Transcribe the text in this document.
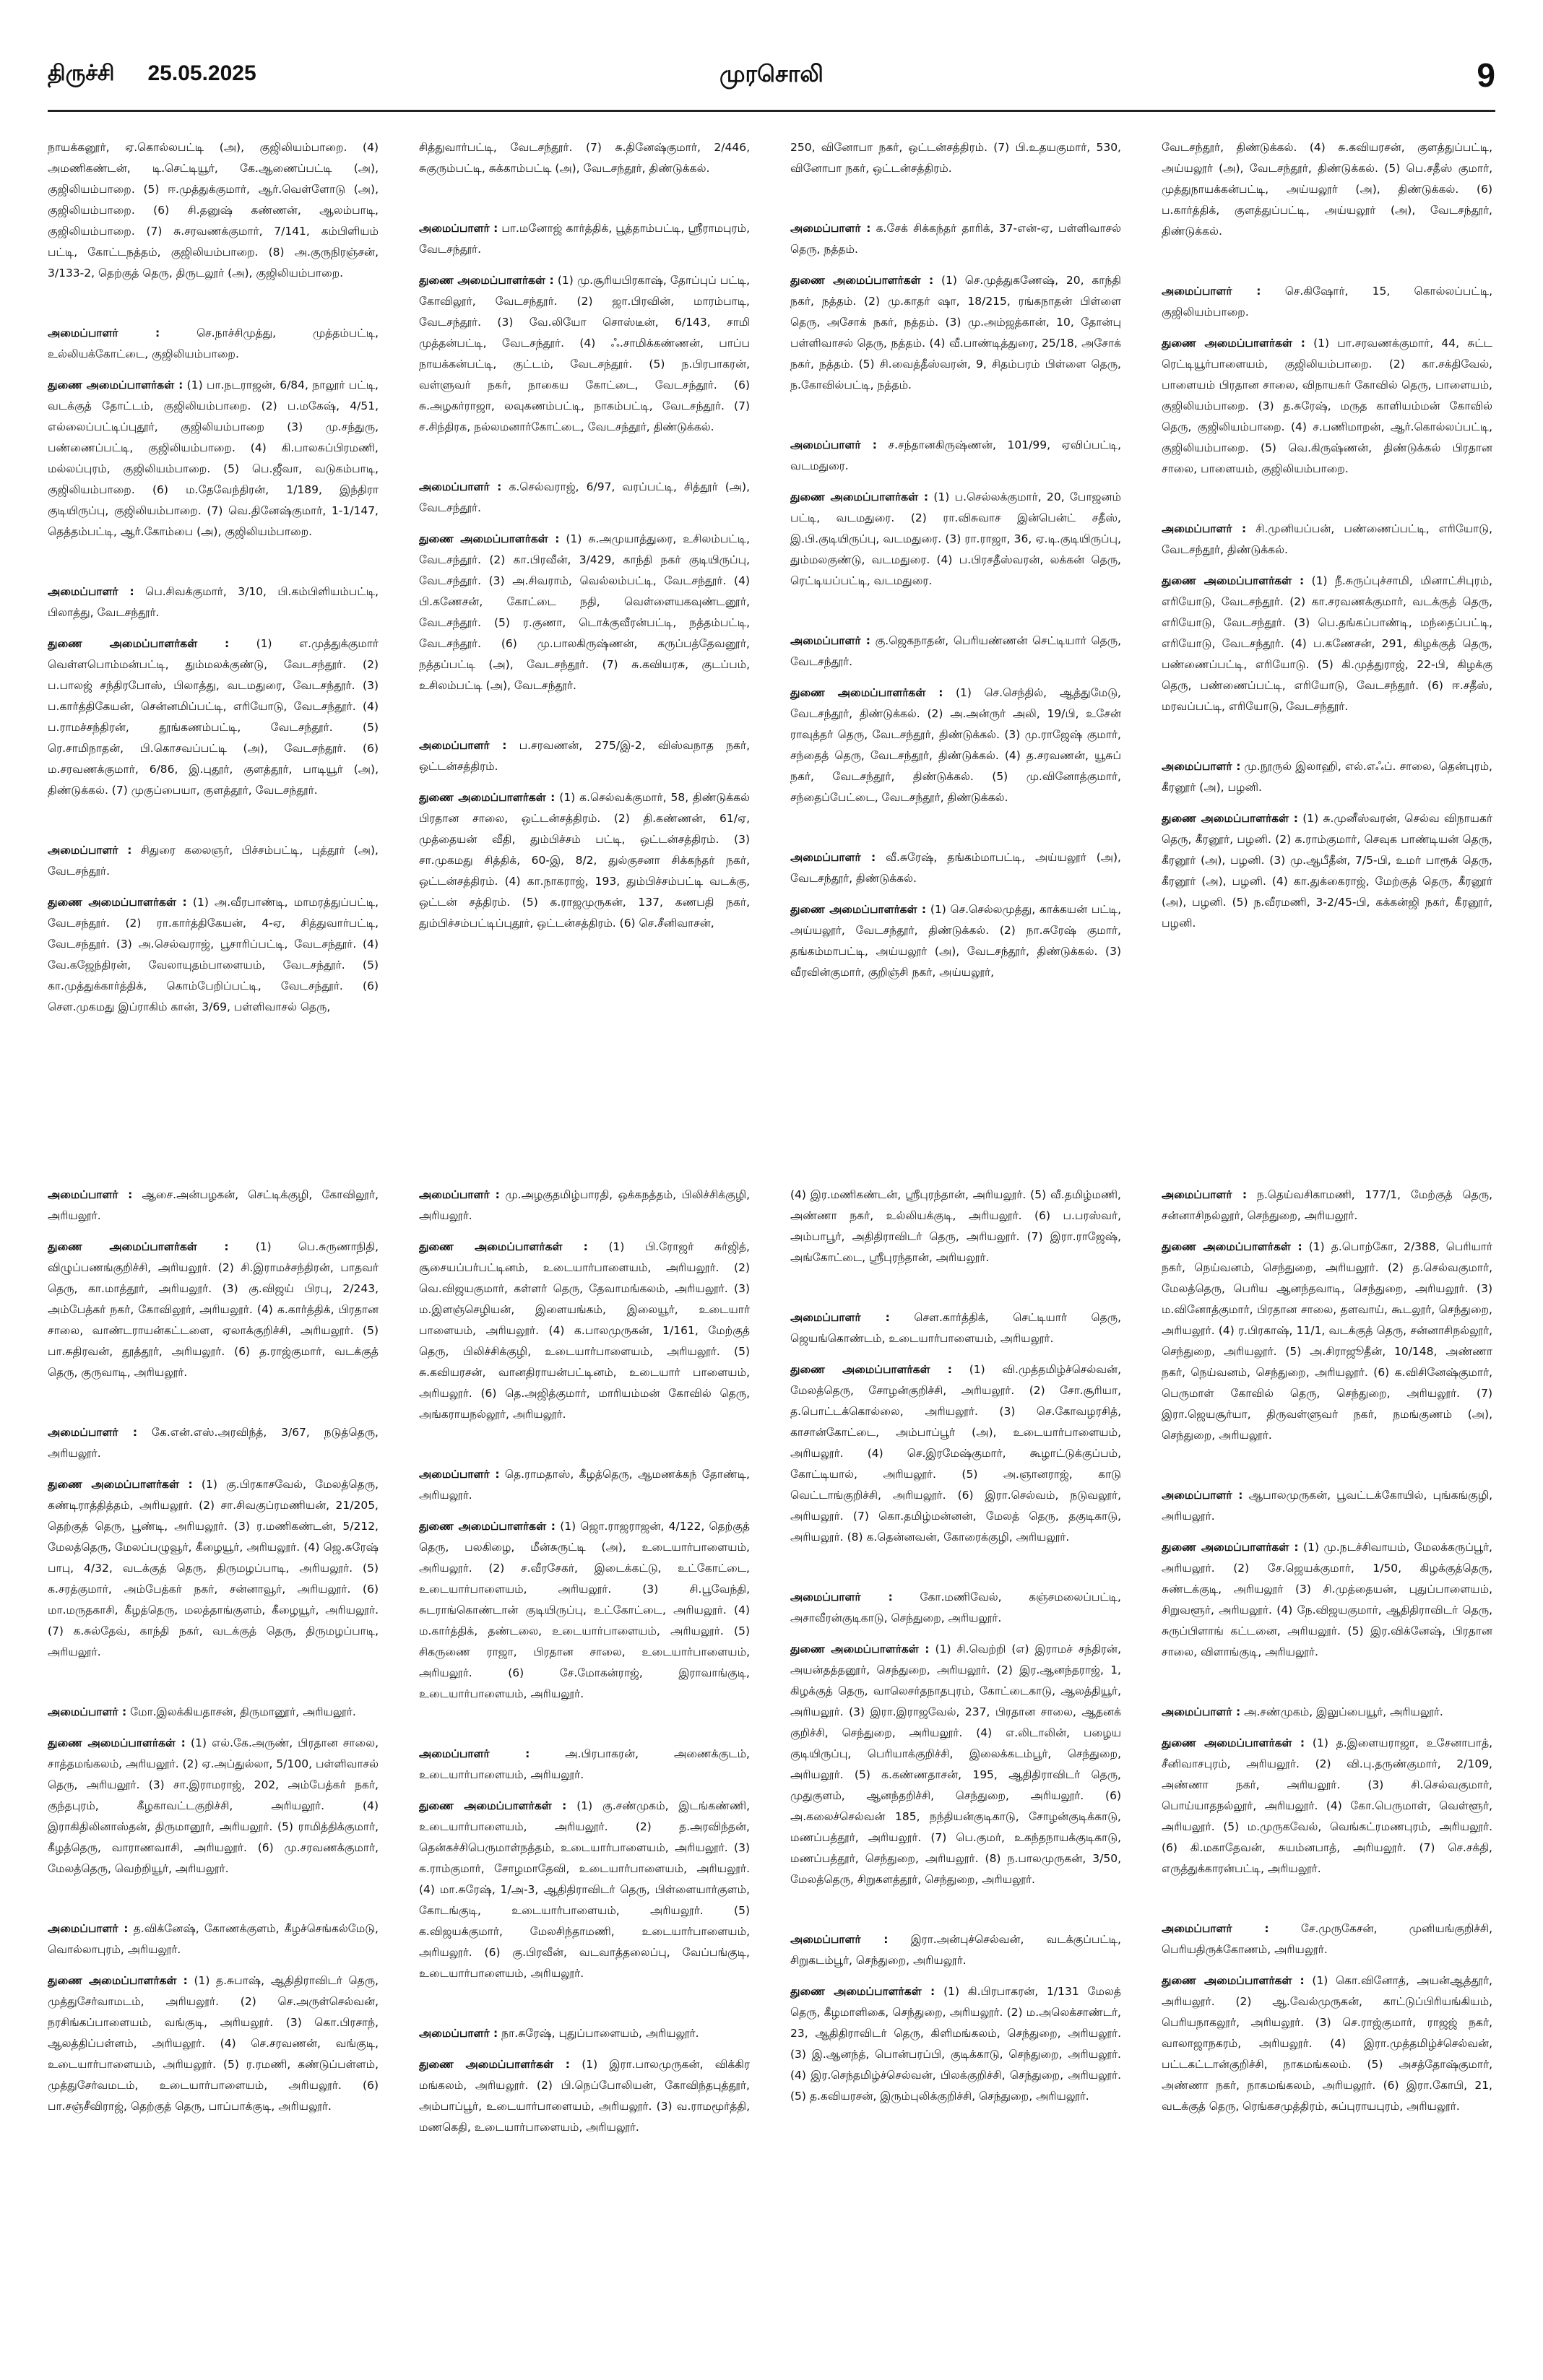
திருச்சி 25.05.2025	முரசொலி	9

நாயக்கனூர், ஏ.கொல்லபட்டி (அ), குஜிலியம்பாறை. (4) அமணிகண்டன், டி.செட்டியூர், கே.ஆணைப்பட்டி (அ), குஜிலியம்பாறை. (5) ஈ.முத்துக்குமார், ஆர்.வெள்ளோடு (அ), குஜிலியம்பாறை. (6) சி.தனுஷ் கண்ணன், ஆலம்பாடி, குஜிலியம்பாறை. (7) சு.சரவணக்குமார், 7/141, கம்பிளியம் பட்டி, கோட்டநத்தம், குஜிலியம்பாறை. (8) அ.குருநிரஞ்சன், 3/133-2, தெற்குத் தெரு, திருடலூர் (அ), குஜிலியம்பாறை.

அமைப்பாளர் :	செ.நாச்சிமுத்து, முத்தம்பட்டி, உல்லியக்கோட்டை, குஜிலியம்பாறை.

துணை அமைப்பாளர்கள் : (1) பா.நடராஜன், 6/84, நாலூர் பட்டி, வடக்குத் தோட்டம், குஜிலியம்பாறை. (2) ப.மகேஷ், 4/51, எல்லைப்பட்டிப்புதூர், குஜிலியம்பாறை (3) மு.சந்துரு, பண்ணைப்பட்டி, குஜிலியம்பாறை. (4) கி.பாலசுப்பிரமணி, மல்லப்புரம், குஜிலியம்பாறை. (5) பெ.ஜீவா, வடுகம்பாடி, குஜிலியம்பாறை. (6) ம.தேவேந்திரன், 1/189, இந்திரா குடியிருப்பு, குஜிலியம்பாறை. (7) வெ.தினேஷ்குமார், 1-1/147, தெத்தம்பட்டி, ஆர்.கோம்பை (அ), குஜிலியம்பாறை.

அமைப்பாளர் : பெ.சிவக்குமார், 3/10, பி.கம்பிளியம்பட்டி, பிலாத்து, வேடசந்தூர்.

துணை அமைப்பாளர்கள் : (1) எ.முத்துக்குமார் வெள்ளபொம்மன்பட்டி, தும்மலக்குண்டு, வேடசந்தூர். (2) ப.பாலஜ் சந்திரபோஸ், பிலாத்து, வடமதுரை, வேடசந்தூர். (3) ப.கார்த்திகேயன், சென்னமிப்பட்டி, எரியோடு, வேடசந்தூர். (4) ப.ராமச்சந்திரன், தூங்கணம்பட்டி, வேடசந்தூர். (5) ரெ.சாமிநாதன், பி.கொசவப்பட்டி (அ), வேடசந்தூர். (6) ம.சரவணக்குமார், 6/86, இ.புதூர், குளத்தூர், பாடியூர் (அ), திண்டுக்கல். (7) முகுப்பையா, குளத்தூர், வேடசந்தூர்.

அமைப்பாளர் : சிதுரை கலைஞர், பிச்சம்பட்டி, புத்தூர் (அ), வேடசந்தூர்.

துணை அமைப்பாளர்கள் : (1) அ.வீரபாண்டி, மாமரத்துப்பட்டி, வேடசந்தூர். (2) ரா.கார்த்திகேயன், 4-ஏ, சித்துவார்பட்டி, வேடசந்தூர். (3) அ.செல்வராஜ், பூசாரிப்பட்டி, வேடசந்தூர். (4) வே.கஜேந்திரன், வேலாயுதம்பாளையம், வேடசந்தூர். (5) கா.முத்துக்கார்த்திக், கொம்பேறிப்பட்டி, வேடசந்தூர். (6) சௌ.முகமது இப்ராகிம் கான், 3/69, பள்ளிவாசல் தெரு,

சித்துவார்பட்டி, வேடசந்தூர். (7) சு.தினேஷ்குமார், 2/446, சுகுரும்பட்டி, சுக்காம்பட்டி (அ), வேடசந்தூர், திண்டுக்கல்.

அமைப்பாளர் : பா.மனோஜ் கார்த்திக், பூத்தாம்பட்டி, ஸ்ரீராமபுரம், வேடசந்தூர்.

துணை அமைப்பாளர்கள் : (1) மு.சூரியபிரகாஷ், தோப்புப் பட்டி, கோவிலூர், வேடசந்தூர். (2) ஜா.பிரவின், மாரம்பாடி, வேடசந்தூர். (3) வே.லியோ சொஸ்டீன், 6/143, சாமி முத்தன்பட்டி, வேடசந்தூர். (4) ஃ.சாமிக்கண்ணன், பாப்ப நாயக்கன்பட்டி, குட்டம், வேடசந்தூர். (5) ந.பிரபாகரன், வள்ளுவர் நகர், நாகைய கோட்டை, வேடசந்தூர். (6) சு.அழகர்ராஜா, லவுகணம்பட்டி, நாகம்பட்டி, வேடசந்தூர். (7) ச.சிந்திரக, நல்லமனார்கோட்டை, வேடசந்தூர், திண்டுக்கல்.

அமைப்பாளர் : க.செல்வராஜ், 6/97, வரப்பட்டி, சித்தூர் (அ), வேடசந்தூர்.

துணை அமைப்பாளர்கள் : (1) சு.அமுயாத்துரை, உசிலம்பட்டி, வேடசந்தூர். (2) கா.பிரவீன், 3/429, காந்தி நகர் குடியிருப்பு, வேடசந்தூர். (3) அ.சிவராம், வெல்லம்பட்டி, வேடசந்தூர். (4) பி.கணேசன், கோட்டை நதி, வெள்ளையகவுண்டனூர், வேடசந்தூர். (5) ர.குணா, டொக்குவீரன்பட்டி, நத்தம்பட்டி, வேடசந்தூர். (6) மு.பாலகிருஷ்ணன், கருப்பத்தேவனூர், நத்தப்பட்டி (அ), வேடசந்தூர். (7) சு.கவியரசு, குடப்பம், உசிலம்பட்டி (அ), வேடசந்தூர்.

அமைப்பாளர் : ப.சரவணன், 275/இ-2, விஸ்வநாத நகர், ஒட்டன்சத்திரம்.

துணை அமைப்பாளர்கள் : (1) க.செல்வக்குமார், 58, திண்டுக்கல் பிரதான சாலை, ஒட்டன்சத்திரம். (2) தி.கண்ணன், 61/ஏ, முத்தையன் வீதி, தும்பிச்சம் பட்டி, ஒட்டன்சத்திரம். (3) சா.முகமது சித்திக், 60-இ, 8/2, துல்குசனா சிக்கந்தர் நகர், ஒட்டன்சத்திரம். (4) கா.நாகராஜ், 193, தும்பிச்சம்பட்டி வடக்கு, ஒட்டன் சத்திரம். (5) க.ராஜமுருகன், 137, கணபதி நகர், தும்பிச்சம்பட்டிப்புதூர், ஒட்டன்சத்திரம். (6) செ.சீனிவாசன்,

250, வினோபா நகர், ஒட்டன்சத்திரம். (7) பி.உதயகுமார், 530, வினோபா நகர், ஒட்டன்சத்திரம்.

அமைப்பாளர் : க.சேக் சிக்கந்தர் தாரிக், 37-என்-ஏ, பள்ளிவாசல் தெரு, நத்தம்.

துணை அமைப்பாளர்கள் : (1) செ.முத்துகணேஷ், 20, காந்தி நகர், நத்தம். (2) மு.காதர் ஷா, 18/215, ரங்கநாதன் பிள்ளை தெரு, அசோக் நகர், நத்தம். (3) மு.அம்ஜத்கான், 10, தோன்பு பள்ளிவாசல் தெரு, நத்தம். (4) வீ.பாண்டித்துரை, 25/18, அசோக் நகர், நத்தம். (5) சி.வைத்தீஸ்வரன், 9, சிதம்பரம் பிள்ளை தெரு, ந.கோவில்பட்டி, நத்தம்.

அமைப்பாளர் : ச.சந்தானகிருஷ்ணன், 101/99, ஏவிப்பட்டி, வடமதுரை.

துணை அமைப்பாளர்கள் : (1) ப.செல்லக்குமார், 20, போஜனம் பட்டி, வடமதுரை. (2) ரா.விசுவாச இன்பென்ட் சதீஸ், இ.பி.குடியிருப்பு, வடமதுரை. (3) ரா.ராஜா, 36, ஏ.டி.குடியிருப்பு, தும்மலகுண்டு, வடமதுரை. (4) ப.பிரசதீஸ்வரன், லக்கன் தெரு, ரெட்டியப்பட்டி, வடமதுரை.

அமைப்பாளர் : கு.ஜெகநாதன், பெரியண்ணன் செட்டியார் தெரு, வேடசந்தூர்.

துணை அமைப்பாளர்கள் : (1) செ.செந்தில், ஆத்துமேடு, வேடசந்தூர், திண்டுக்கல். (2) அ.அன்ருர் அலி, 19/பி, உசேன் ராவுத்தர் தெரு, வேடசந்தூர், திண்டுக்கல். (3) மு.ராஜேஷ் குமார், சந்தைத் தெரு, வேடசந்தூர், திண்டுக்கல். (4) த.சரவணன், யூசுப் நகர், வேடசந்தூர், திண்டுக்கல். (5) மு.வினோத்குமார், சந்தைப்பேட்டை, வேடசந்தூர், திண்டுக்கல்.

அமைப்பாளர் : வீ.சுரேஷ், தங்கம்மாபட்டி, அய்யலூர் (அ), வேடசந்தூர், திண்டுக்கல்.

துணை அமைப்பாளர்கள் : (1) செ.செல்லமுத்து, காக்கயன் பட்டி, அய்யலூர், வேடசந்தூர், திண்டுக்கல். (2) நா.சுரேஷ் குமார், தங்கம்மாபட்டி, அய்யலூர் (அ), வேடசந்தூர், திண்டுக்கல். (3) வீரவின்குமார், குறிஞ்சி நகர், அய்யலூர்,

வேடசந்தூர், திண்டுக்கல். (4) சு.கவியரசன், குளத்துப்பட்டி, அய்யலூர் (அ), வேடசந்தூர், திண்டுக்கல். (5) பெ.சதீஸ் குமார், முத்துநாயக்கன்பட்டி, அய்யலூர் (அ), திண்டுக்கல். (6) ப.கார்த்திக், குளத்துப்பட்டி, அய்யலூர் (அ), வேடசந்தூர், திண்டுக்கல்.

அமைப்பாளர் : செ.கிஷோர், 15, கொல்லப்பட்டி, குஜிலியம்பாறை.

துணை அமைப்பாளர்கள் : (1) பா.சரவணக்குமார், 44, சுட்ட ரெட்டியூர்பாளையம், குஜிலியம்பாறை. (2) கா.சக்திவேல், பாளையம் பிரதான சாலை, விநாயகர் கோவில் தெரு, பாளையம், குஜிலியம்பாறை. (3) த.சுரேஷ், மருத காளியம்மன் கோவில் தெரு, குஜிலியம்பாறை. (4) ச.பணிமாறன், ஆர்.கொல்லப்பட்டி, குஜிலியம்பாறை. (5) வெ.கிருஷ்ணன், திண்டுக்கல் பிரதான சாலை, பாளையம், குஜிலியம்பாறை.

அமைப்பாளர் : சி.முனியப்பன், பண்ணைப்பட்டி, எரியோடு, வேடசந்தூர், திண்டுக்கல்.

துணை அமைப்பாளர்கள் : (1) நீ.சுருப்புச்சாமி, மினாட்சிபுரம், எரியோடு, வேடசந்தூர். (2) கா.சரவணக்குமார், வடக்குத் தெரு, எரியோடு, வேடசந்தூர். (3) பெ.தங்கப்பாண்டி, மந்தைப்பட்டி, எரியோடு, வேடசந்தூர். (4) ப.கணேசன், 291, கிழக்குத் தெரு, பண்ணைப்பட்டி, எரியோடு. (5) கி.முத்துராஜ், 22-பி, கிழக்கு தெரு, பண்ணைப்பட்டி, எரியோடு, வேடசந்தூர். (6) ஈ.சதீஸ், மரவப்பட்டி, எரியோடு, வேடசந்தூர்.

அமைப்பாளர் : மு.நூருல் இலாஹி, எல்.எஃப். சாலை, தென்புரம், கீரனூர் (அ), பழனி.

துணை அமைப்பாளர்கள் : (1) சு.முனீஸ்வரன், செல்வ விநாயகர் தெரு, கீரனூர், பழனி. (2) க.ராம்குமார், செவுக பாண்டியன் தெரு, கீரனூர் (அ), பழனி. (3) மு.ஆபீதீன், 7/5-பி, உமர் பாரூக் தெரு, கீரனூர் (அ), பழனி. (4) கா.துக்கைராஜ், மேற்குத் தெரு, கீரனூர் (அ), பழனி. (5) ந.வீரமணி, 3-2/45-பி, கக்கன்ஜி நகர், கீரனூர், பழனி.

அமைப்பாளர் : ஆசை.அன்பழகன், செட்டிக்குழி, கோவிலூர், அரியலூர்.

துணை அமைப்பாளர்கள் : (1) பெ.சுருணாநிதி, விழுப்பணங்குறிச்சி, அரியலூர். (2) சி.இராமச்சந்திரன், பாதவர் தெரு, கா.மாத்தூர், அரியலூர். (3) கு.விஜய் பிரபு, 2/243, அம்பேத்கர் நகர், கோவிலூர், அரியலூர். (4) க.கார்த்திக், பிரதான சாலை, வாண்டராயன்கட்டளை, ஏலாக்குறிச்சி, அரியலூர். (5) பா.சுதிரவன், தூத்தூர், அரியலூர். (6) த.ராஜ்குமார், வடக்குத் தெரு, குருவாடி, அரியலூர்.

அமைப்பாளர் : கே.என்.எஸ்.அரவிந்த், 3/67, நடுத்தெரு, அரியலூர்.

துணை அமைப்பாளர்கள் : (1) கு.பிரகாசவேல், மேலத்தெரு, கண்டிராத்தித்தம், அரியலூர். (2) சா.சிவகுப்ரமணியன், 21/205, தெற்குத் தெரு, பூண்டி, அரியலூர். (3) ர.மணிகண்டன், 5/212, மேலத்தெரு, மேலப்பழுவூர், கீழையூர், அரியலூர். (4) ஜெ.சுரேஷ் பாபு, 4/32, வடக்குத் தெரு, திருமழப்பாடி, அரியலூர். (5) க.சரத்குமார், அம்பேத்கர் நகர், சன்னாவூர், அரியலூர். (6) மா.மருதகாசி, கீழத்தெரு, மலத்தாங்குளம், கீழையூர், அரியலூர். (7) க.சுல்தேவ், காந்தி நகர், வடக்குத் தெரு, திருமழப்பாடி, அரியலூர்.

அமைப்பாளர் : மோ.இலக்கியதாசன், திருமானூர், அரியலூர்.

துணை அமைப்பாளர்கள் : (1) எல்.கே.அருண், பிரதான சாலை, சாத்தமங்கலம், அரியலூர். (2) ஏ.அப்துல்லா, 5/100, பள்ளிவாசல் தெரு, அரியலூர். (3) சா.இராமராஜ், 202, அம்பேத்கர் நகர், குந்தபுரம், கீழகாவட்டகுறிச்சி, அரியலூர். (4) இராகிதிலினாஸ்தன், திருமானூர், அரியலூர். (5) ராமித்திக்குமார், கீழத்தெரு, வாராணவாசி, அரியலூர். (6) மு.சரவணக்குமார், மேலத்தெரு, வெற்றியூர், அரியலூர்.

அமைப்பாளர் : த.விக்னேஷ், கோணக்குளம், கீழச்செங்கல்மேடு, வொல்லாபுரம், அரியலூர்.

துணை அமைப்பாளர்கள் : (1) த.சுபாஷ், ஆதிதிராவிடர் தெரு, முத்துசேர்வாமடம், அரியலூர். (2) செ.அருள்செல்வன், நரசிங்கப்பாளையம், வங்குடி, அரியலூர். (3) கொ.பிரசாந், ஆலத்திப்பள்ளம், அரியலூர். (4) செ.சரவணன், வங்குடி, உடையார்பாளையம், அரியலூர். (5) ர.ரமணி, கண்டுப்பள்ளம், முத்துசேர்வமடம், உடையார்பாளையம், அரியலூர். (6) பா.சஞ்சீவிராஜ், தெற்குத் தெரு, பாப்பாக்குடி, அரியலூர்.

அமைப்பாளர் : மு.அழகுதமிழ்பாரதி, ஒக்கநத்தம், பிலிச்சிக்குழி, அரியலூர்.

துணை அமைப்பாளர்கள் : (1) பி.ரோஜர் சுர்ஜித், சூசையப்பர்பட்டினம், உடையார்பாளையம், அரியலூர். (2) வெ.விஜயகுமார், கள்ளர் தெரு, தேவாமங்கலம், அரியலூர். (3) ம.இளஞ்செழியன், இளையங்கம், இலையூர், உடையார் பாளையம், அரியலூர். (4) க.பாலமுருகன், 1/161, மேற்குத் தெரு, பிலிச்சிக்குழி, உடையார்பாளையம், அரியலூர். (5) சு.கவியரசன், வானதிராயன்பட்டினம், உடையார் பாளையம், அரியலூர். (6) தெ.அஜித்குமார், மாரியம்மன் கோவில் தெரு, அங்கராயநல்லூர், அரியலூர்.

அமைப்பாளர் : தெ.ராமதாஸ், கீழத்தெரு, ஆமணக்கந் தோண்டி, அரியலூர்.

துணை அமைப்பாளர்கள் : (1) ஜொ.ராஜராஜன், 4/122, தெற்குத் தெரு, பலகிழை, மீன்சுருட்டி (அ), உடையார்பாளையம், அரியலூர். (2) ச.வீரசேகர், இடைக்கட்டு, உட்கோட்டை, உடையார்பாளையம், அரியலூர். (3) சி.பூவேந்தி, சுடராங்கொண்டான் குடியிருப்பு, உட்கோட்டை, அரியலூர். (4) ம.கார்த்திக், தண்டலை, உடையார்பாளையம், அரியலூர். (5) சிகருணை ராஜா, பிரதான சாலை, உடையார்பாளையம், அரியலூர். (6) சே.மோகன்ராஜ், இராவாங்குடி, உடையார்பாளையம், அரியலூர்.

அமைப்பாளர் :	அ.பிரபாகரன், அணைக்குடம், உடையார்பாளையம், அரியலூர்.

துணை அமைப்பாளர்கள் : (1) கு.சண்முகம், இடங்கண்ணி, உடையார்பாளையம், அரியலூர். (2) த.அரவிந்தன், தென்கச்சிபெருமாள்நத்தம், உடையார்பாளையம், அரியலூர். (3) க.ராம்குமார், சோழமாதேவி, உடையார்பாளையம், அரியலூர். (4) மா.சுரேஷ், 1/அ-3, ஆதிதிராவிடர் தெரு, பிள்ளையார்குளம், கோடங்குடி, உடையார்பாளையம், அரியலூர். (5) க.விஜயக்குமார், மேலசிந்தாமணி, உடையார்பாளையம், அரியலூர். (6) கு.பிரவீன், வடவாத்தலைப்பு, வேப்பங்குடி, உடையார்பாளையம், அரியலூர்.

அமைப்பாளர் : நா.சுரேஷ், புதுப்பாளையம், அரியலூர்.

துணை அமைப்பாளர்கள் : (1) இரா.பாலமுருகன், விக்கிர மங்கலம், அரியலூர். (2) பி.நெப்போலியன், கோவிந்தபுத்தூர், அம்பாப்பூர், உடையார்பாளையம், அரியலூர். (3) வ.ராமமூர்த்தி, மணகெதி, உடையார்பாளையம், அரியலூர்.

(4) இர.மணிகண்டன், ஸ்ரீபுரந்தான், அரியலூர். (5) வீ.தமிழ்மணி, அண்ணா நகர், உல்லியக்குடி, அரியலூர். (6) ப.பரஸ்வர், அம்பாபூர், அதிதிராவிடர் தெரு, அரியலூர். (7) இரா.ராஜேஷ், அங்கோட்டை, ஸ்ரீபுரந்தான், அரியலூர்.

அமைப்பாளர் : செள.கார்த்திக், செட்டியார் தெரு, ஜெயங்கொண்டம், உடையார்பாளையம், அரியலூர்.

துணை அமைப்பாளர்கள் : (1) வி.முத்தமிழ்ச்செல்வன், மேலத்தெரு, சோழன்குறிச்சி, அரியலூர். (2) சோ.சூரியா, த.பொட்டக்கொல்லை, அரியலூர். (3) செ.கோவழரசித், காசான்கோட்டை, அம்பாப்பூர் (அ), உடையார்பாளையம், அரியலூர். (4) செ.இரமேஷ்குமார், கூழாட்டுக்குப்பம், கோட்டியால், அரியலூர். (5) அ.ஞானராஜ், காடு வெட்டாங்குறிச்சி, அரியலூர். (6) இரா.செல்வம், நடுவலூர், அரியலூர். (7) கொ.தமிழ்மன்னன், மேலத் தெரு, தகுடிகாடு, அரியலூர். (8) க.தென்னவன், கோரைக்குழி, அரியலூர்.

அமைப்பாளர் : கோ.மணிவேல், கஞ்சமலைப்பட்டி, அசாவீரன்குடிகாடு, செந்துறை, அரியலூர்.

துணை அமைப்பாளர்கள் : (1) சி.வெற்றி (எ) இராமச் சந்திரன், அயன்தத்தனூர், செந்துறை, அரியலூர். (2) இர.ஆனந்தராஜ், 1, கிழக்குத் தெரு, வாலெசர்தநாதபுரம், கோட்டைகாடு, ஆலத்தியூர், அரியலூர். (3) இரா.இராஜவேல், 237, பிரதான சாலை, ஆதனக் குறிச்சி, செந்துறை, அரியலூர். (4) எ.லிடாலின், பழைய குடியிருப்பு, பெரியாக்குறிச்சி, இலைக்கடம்பூர், செந்துறை, அரியலூர். (5) க.கண்ணதாசன், 195, ஆதிதிராவிடர் தெரு, முதுகுளம், ஆனந்தறிச்சி, செந்துறை, அரியலூர். (6) அ.கலைச்செல்வன் 185, நந்தியன்குடிகாடு, சோழன்குடிக்காடு, மணப்பத்தூர், அரியலூர். (7) பெ.குமர், உகந்தநாயக்குடிகாடு, மணப்பத்தூர், செந்துறை, அரியலூர். (8) ந.பாலமுருகன், 3/50, மேலத்தெரு, சிறுகளத்தூர், செந்துறை, அரியலூர்.

அமைப்பாளர் : இரா.அன்புச்செல்வன், வடக்குப்பட்டி, சிறுகடம்பூர், செந்துறை, அரியலூர்.

துணை அமைப்பாளர்கள் : (1) கி.பிரபாகரன், 1/131 மேலத் தெரு, கீழமாளிகை, செந்துறை, அரியலூர். (2) ம.அலெக்சாண்டர், 23, ஆதிதிராவிடர் தெரு, கிளிமங்கலம், செந்துறை, அரியலூர். (3) இ.ஆனந்த், பொன்பரப்பி, குடிக்காடு, செந்துறை, அரியலூர். (4) இர.செந்தமிழ்ச்செல்வன், பிலக்குறிச்சி, செந்துறை, அரியலூர். (5) த.கவியரசன், இரும்புலிக்குறிச்சி, செந்துறை, அரியலூர்.

அமைப்பாளர் : ந.தெய்வசிகாமணி, 177/1, மேற்குத் தெரு, சன்னாசிநல்லூர், செந்துறை, அரியலூர்.

துணை அமைப்பாளர்கள் : (1) த.பொற்கோ, 2/388, பெரியார் நகர், நெய்வனம், செந்துறை, அரியலூர். (2) த.செல்வகுமார், மேலத்தெரு, பெரிய ஆனந்தவாடி, செந்துறை, அரியலூர். (3) ம.வினோத்குமார், பிரதான சாலை, தளவாய், கூடலூர், செந்துறை, அரியலூர். (4) ர.பிரகாஷ், 11/1, வடக்குத் தெரு, சன்னாசிநல்லூர், செந்துறை, அரியலூர். (5) அ.சிராஜூதீன், 10/148, அண்ணா நகர், நெய்வனம், செந்துறை, அரியலூர். (6) க.விசினேஷ்குமார், பெருமாள் கோவில் தெரு, செந்துறை, அரியலூர். (7) இரா.ஜெயசூர்யா, திருவள்ளுவர் நகர், நமங்குணம் (அ), செந்துறை, அரியலூர்.

அமைப்பாளர் : ஆபாலமுருகன், பூவட்டக்கோயில், புங்கங்குழி, அரியலூர்.

துணை அமைப்பாளர்கள் : (1) மு.நடச்சிவாயம், மேலக்கருப்பூர், அரியலூர். (2) சே.ஜெயக்குமார், 1/50, கிழக்குத்தெரு, சுண்டக்குடி, அரியலூர் (3) சி.முத்தையன், புதுப்பாளையம், சிறுவளூர், அரியலூர். (4) நே.விஜயகுமார், ஆதிதிராவிடர் தெரு, சுருப்பிளாங் கட்டனை, அரியலூர். (5) இர.விக்னேஷ், பிரதான சாலை, விளாங்குடி, அரியலூர்.

அமைப்பாளர் : அ.சண்முகம், இலுப்பையூர், அரியலூர்.

துணை அமைப்பாளர்கள் : (1) த.இளையராஜா, உசேனாபாத், சீனிவாசபுரம், அரியலூர். (2) வி.பு.தருண்குமார், 2/109, அண்ணா நகர், அரியலூர். (3) சி.செல்வகுமார், பொய்யாதநல்லூர், அரியலூர். (4) கோ.பெருமாள், வெள்ளூர், அரியலூர். (5) ம.முருகவேல், வெங்கட்ரமணபுரம், அரியலூர். (6) கி.மகாதேவன், சுயம்னபாத், அரியலூர். (7) செ.சக்தி, எருத்துக்காரன்பட்டி, அரியலூர்.

அமைப்பாளர் :	சே.முருகேசன், முனியங்குறிச்சி, பெரியதிருக்கோணம், அரியலூர்.

துணை அமைப்பாளர்கள் : (1) கொ.வினோத், அயன்ஆத்தூர், அரியலூர். (2) ஆ.வேல்முருகன், காட்டுப்பிரியங்கியம், பெரியநாகலூர், அரியலூர். (3) செ.ராஜ்குமார், ராஜஜ் நகர், வாலாஜாநகரம், அரியலூர். (4) இரா.முத்தமிழ்ச்செல்வன், பட்டகட்டான்குறிச்சி, நாகமங்கலம். (5) அசத்தோஷ்குமார், அண்ணா நகர், நாகமங்கலம், அரியலூர். (6) இரா.கோபி, 21, வடக்குத் தெரு, ரெங்கசமுத்திரம், சுப்புராயபுரம், அரியலூர்.
